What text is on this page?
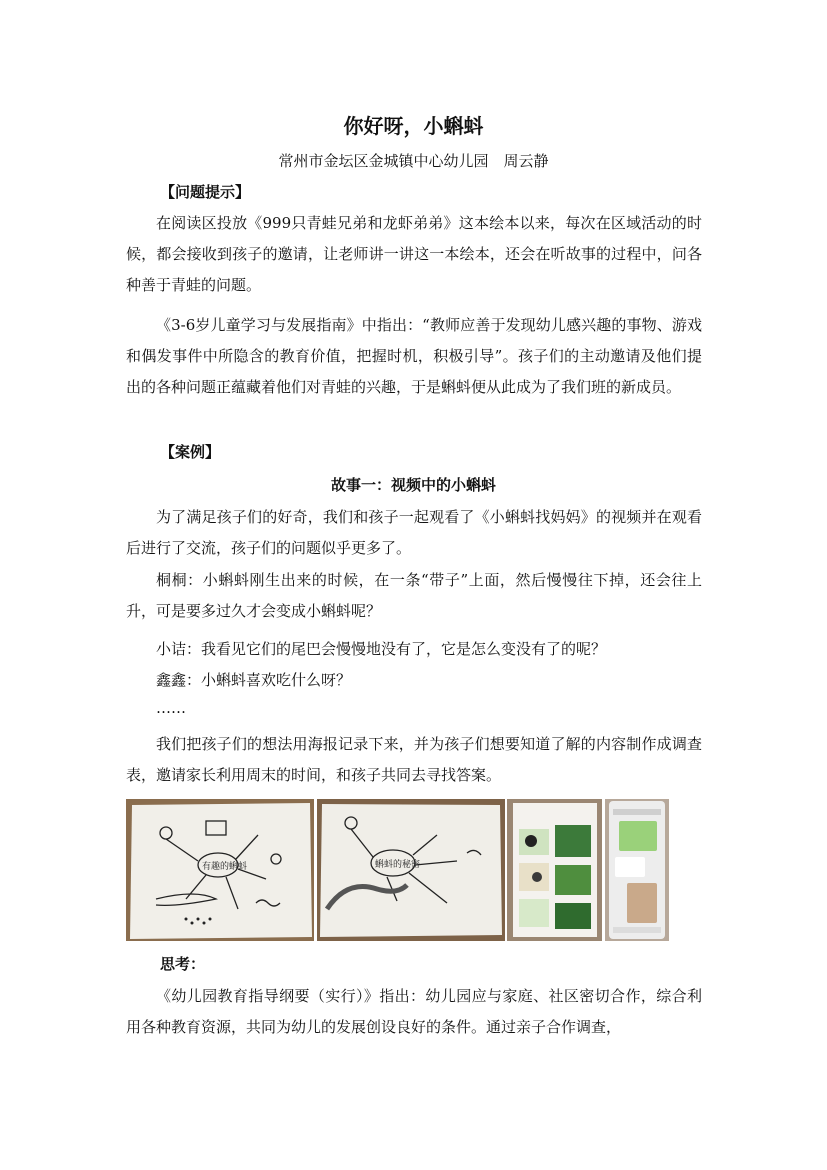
你好呀，小蝌蚪
常州市金坛区金城镇中心幼儿园　周云静
【问题提示】

在阅读区投放《999只青蛙兄弟和龙虾弟弟》这本绘本以来，每次在区域活动的时候，都会接收到孩子的邀请，让老师讲一讲这一本绘本，还会在听故事的过程中，问各种善于青蛙的问题。

《3-6岁儿童学习与发展指南》中指出：“教师应善于发现幼儿感兴趣的事物、游戏和偶发事件中所隐含的教育价值，把握时机，积极引导”。孩子们的主动邀请及他们提出的各种问题正蕴藏着他们对青蛙的兴趣，于是蝌蚪便从此成为了我们班的新成员。

【案例】
故事一：视频中的小蝌蚪

为了满足孩子们的好奇，我们和孩子一起观看了《小蝌蚪找妈妈》的视频并在观看后进行了交流，孩子们的问题似乎更多了。

桐桐：小蝌蚪刚生出来的时候，在一条“带子”上面，然后慢慢往下掉，还会往上升，可是要多过久才会变成小蝌蚪呢？

小诘：我看见它们的尾巴会慢慢地没有了，它是怎么变没有了的呢？
鑫鑫：小蝌蚪喜欢吃什么呀？
……

我们把孩子们的想法用海报记录下来，并为孩子们想要知道了解的内容制作成调查表，邀请家长利用周末的时间，和孩子共同去寻找答案。

有趣的蝌蚪	蝌蚪的秘密
思考：

《幼儿园教育指导纲要（实行）》指出：幼儿园应与家庭、社区密切合作，综合利用各种教育资源，共同为幼儿的发展创设良好的条件。通过亲子合作调查，
